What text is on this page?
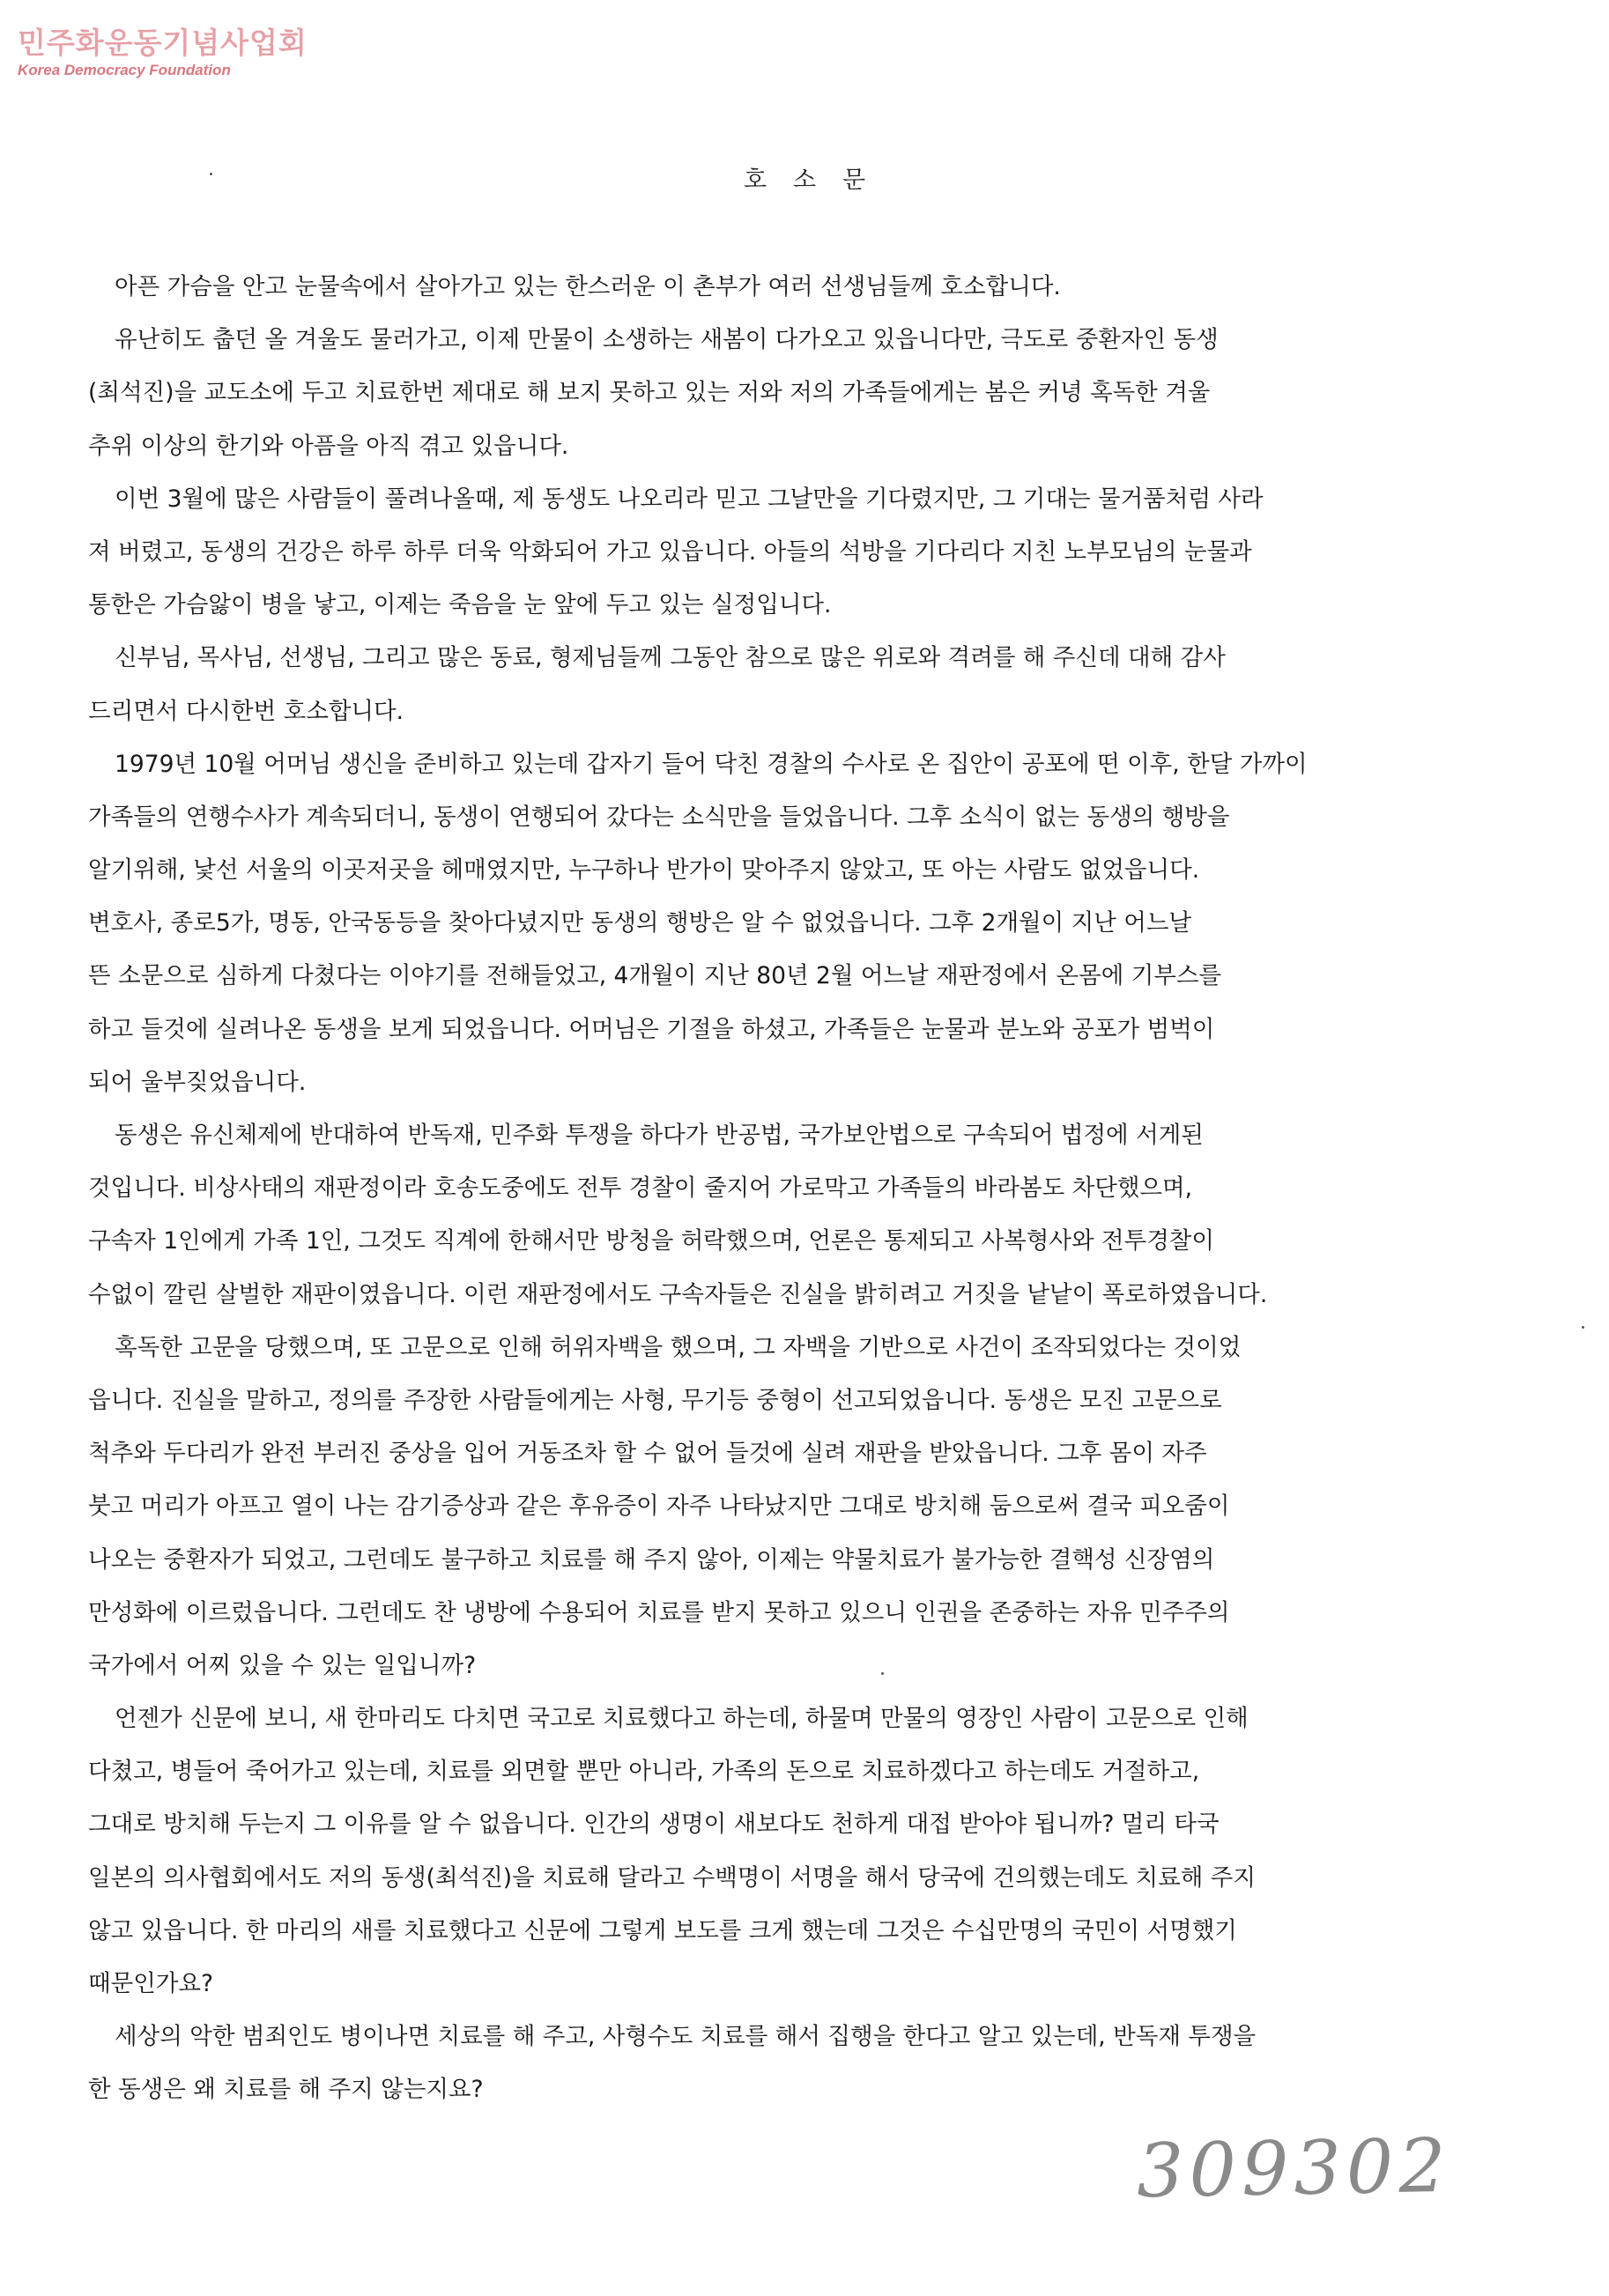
민주화운동기념사업회
Korea Democracy Foundation
호소문
아픈 가슴을 안고 눈물속에서 살아가고 있는 한스러운 이 촌부가 여러 선생님들께 호소합니다.
유난히도 춥던 올 겨울도 물러가고, 이제 만물이 소생하는 새봄이 다가오고 있읍니다만, 극도로 중환자인 동생
(최석진)을 교도소에 두고 치료한번 제대로 해 보지 못하고 있는 저와 저의 가족들에게는 봄은 커녕 혹독한 겨울
추위 이상의 한기와 아픔을 아직 겪고 있읍니다.
이번 3월에 많은 사람들이 풀려나올때, 제 동생도 나오리라 믿고 그날만을 기다렸지만, 그 기대는 물거품처럼 사라
져 버렸고, 동생의 건강은 하루 하루 더욱 악화되어 가고 있읍니다. 아들의 석방을 기다리다 지친 노부모님의 눈물과
통한은 가슴앓이 병을 낳고, 이제는 죽음을 눈 앞에 두고 있는 실정입니다.
신부님, 목사님, 선생님, 그리고 많은 동료, 형제님들께 그동안 참으로 많은 위로와 격려를 해 주신데 대해 감사
드리면서 다시한번 호소합니다.
1979년 10월 어머님 생신을 준비하고 있는데 갑자기 들어 닥친 경찰의 수사로 온 집안이 공포에 떤 이후, 한달 가까이
가족들의 연행수사가 계속되더니, 동생이 연행되어 갔다는 소식만을 들었읍니다. 그후 소식이 없는 동생의 행방을
알기위해, 낯선 서울의 이곳저곳을 헤매였지만, 누구하나 반가이 맞아주지 않았고, 또 아는 사람도 없었읍니다.
변호사, 종로5가, 명동, 안국동등을 찾아다녔지만 동생의 행방은 알 수 없었읍니다. 그후 2개월이 지난 어느날
뜬 소문으로 심하게 다쳤다는 이야기를 전해들었고, 4개월이 지난 80년 2월 어느날 재판정에서 온몸에 기부스를
하고 들것에 실려나온 동생을 보게 되었읍니다. 어머님은 기절을 하셨고, 가족들은 눈물과 분노와 공포가 범벅이
되어 울부짖었읍니다.
동생은 유신체제에 반대하여 반독재, 민주화 투쟁을 하다가 반공법, 국가보안법으로 구속되어 법정에 서게된
것입니다. 비상사태의 재판정이라 호송도중에도 전투 경찰이 줄지어 가로막고 가족들의 바라봄도 차단했으며,
구속자 1인에게 가족 1인, 그것도 직계에 한해서만 방청을 허락했으며, 언론은 통제되고 사복형사와 전투경찰이
수없이 깔린 살벌한 재판이였읍니다. 이런 재판정에서도 구속자들은 진실을 밝히려고 거짓을 낱낱이 폭로하였읍니다.
혹독한 고문을 당했으며, 또 고문으로 인해 허위자백을 했으며, 그 자백을 기반으로 사건이 조작되었다는 것이었
읍니다. 진실을 말하고, 정의를 주장한 사람들에게는 사형, 무기등 중형이 선고되었읍니다. 동생은 모진 고문으로
척추와 두다리가 완전 부러진 중상을 입어 거동조차 할 수 없어 들것에 실려 재판을 받았읍니다. 그후 몸이 자주
붓고 머리가 아프고 열이 나는 감기증상과 같은 후유증이 자주 나타났지만 그대로 방치해 둠으로써 결국 피오줌이
나오는 중환자가 되었고, 그런데도 불구하고 치료를 해 주지 않아, 이제는 약물치료가 불가능한 결핵성 신장염의
만성화에 이르렀읍니다. 그런데도 찬 냉방에 수용되어 치료를 받지 못하고 있으니 인권을 존중하는 자유 민주주의
국가에서 어찌 있을 수 있는 일입니까?
언젠가 신문에 보니, 새 한마리도 다치면 국고로 치료했다고 하는데, 하물며 만물의 영장인 사람이 고문으로 인해
다쳤고, 병들어 죽어가고 있는데, 치료를 외면할 뿐만 아니라, 가족의 돈으로 치료하겠다고 하는데도 거절하고,
그대로 방치해 두는지 그 이유를 알 수 없읍니다. 인간의 생명이 새보다도 천하게 대접 받아야 됩니까? 멀리 타국
일본의 의사협회에서도 저의 동생(최석진)을 치료해 달라고 수백명이 서명을 해서 당국에 건의했는데도 치료해 주지
않고 있읍니다. 한 마리의 새를 치료했다고 신문에 그렇게 보도를 크게 했는데 그것은 수십만명의 국민이 서명했기
때문인가요?
세상의 악한 범죄인도 병이나면 치료를 해 주고, 사형수도 치료를 해서 집행을 한다고 알고 있는데, 반독재 투쟁을
한 동생은 왜 치료를 해 주지 않는지요?
309302
